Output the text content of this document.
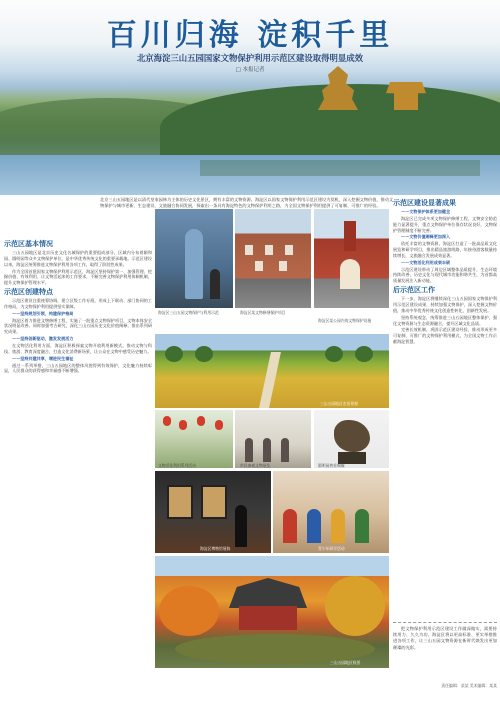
百川归海 淀积千里
北京海淀三山五园国家文物保护利用示范区建设取得明显成效
□ 本报记者
北京三山五园地区是以清代皇家园林为主体的历史文化景区，拥有丰富的文物资源。海淀区以国家文物保护利用示范区建设为契机，深入挖掘文物价值，推动文物保护与城市更新、生态建设、文旅融合协同发展，探索出一条具有海淀特色的文物保护利用之路，为全国文物保护利用提供了可复制、可推广的经验。
示范区基本情况

三山五园地区是北京历史文化名城保护的重要组成部分，区域内分布着颐和园、圆明园等众多文物保护单位，是中华优秀传统文化的重要承载地。示范区建设以来，海淀区统筹推进文物保护利用各项工作，取得了阶段性成果。

作为全国首批国家文物保护利用示范区，海淀区坚持保护第一、加强管理、挖掘价值、有效利用、让文物活起来的工作要求，不断完善文物保护利用体制机制，提升文物保护管理水平。

示范区创建特点

示范区建设注重统筹协调，建立区级工作专班，形成上下联动、部门协同的工作格局，为文物保护利用提供坚实保障。

——坚持规划引领，构建保护格局

海淀区着力推进文物修缮工程，实施了一批重点文物保护项目，文物本体安全状况明显改善。同时加强考古研究，深化三山五园历史文化价值阐释，推出系列研究成果。

——坚持创新驱动，激发发展活力

在文物活化利用方面，海淀区积极探索文物开放利用新模式，推动文物与科技、旅游、教育深度融合，打造文化消费新场景，让公众在文物中感受历史魅力。

——坚持共建共享，增进民生福祉

通过一系列举措，三山五园地区的整体风貌得到有效保护，文化魅力持续彰显，人民群众的获得感和幸福感不断增强。

海淀区三山五园文物保护与利用示范	海淀区某文物修缮保护项目
海淀区某公园内的文物保护设施
三山五园地区农田景观
文物活化利用系列活动	市民参观文物展览	圆明园兽首铜像
海淀区博物馆展陈	青少年研学活动
三山五园地区秋景
示范区建设显著成果

——文物保护体系更加健全

海淀区已完成多项文物保护修缮工程，文物安全防范能力显著提升，重点文物保护单位保存状况良好，文物保护管理制度不断完善。

——文物价值阐释更加深入

依托丰富的文物资源，海淀区打造了一批高品质文化展览和研学项目，推出精品旅游线路，年接待游客数量持续增长，文旅融合发展成效显著。

——文物活化利用成果丰硕

示范区建设带动了周边区域整体品质提升，生态环境持续改善，历史文化与现代城市功能和谐共生，为首都高质量发展注入新动能。

后示范区工作

下一步，海淀区将继续深化三山五园国家文物保护利用示范区建设成果，持续加强文物保护，深入挖掘文物价值，推动中华优秀传统文化创造性转化、创新性发展。

坚持系统观念，统筹推进三山五园地区整体保护，强化文物资源与生态资源融合，提升区域文化品质。

完善长效机制，巩固示范区建设经验，推动形成更多可复制、可推广的文物保护利用模式，为全国文物工作贡献海淀智慧。

把文物保护利用示范区建设工作做深做实，需要持续用力、久久为功。海淀区将以更高标准、更实举措推进各项工作，让三山五园文物资源在新时代焕发出更加璀璨的光彩。

责任编辑：某某 美术编辑：某某
